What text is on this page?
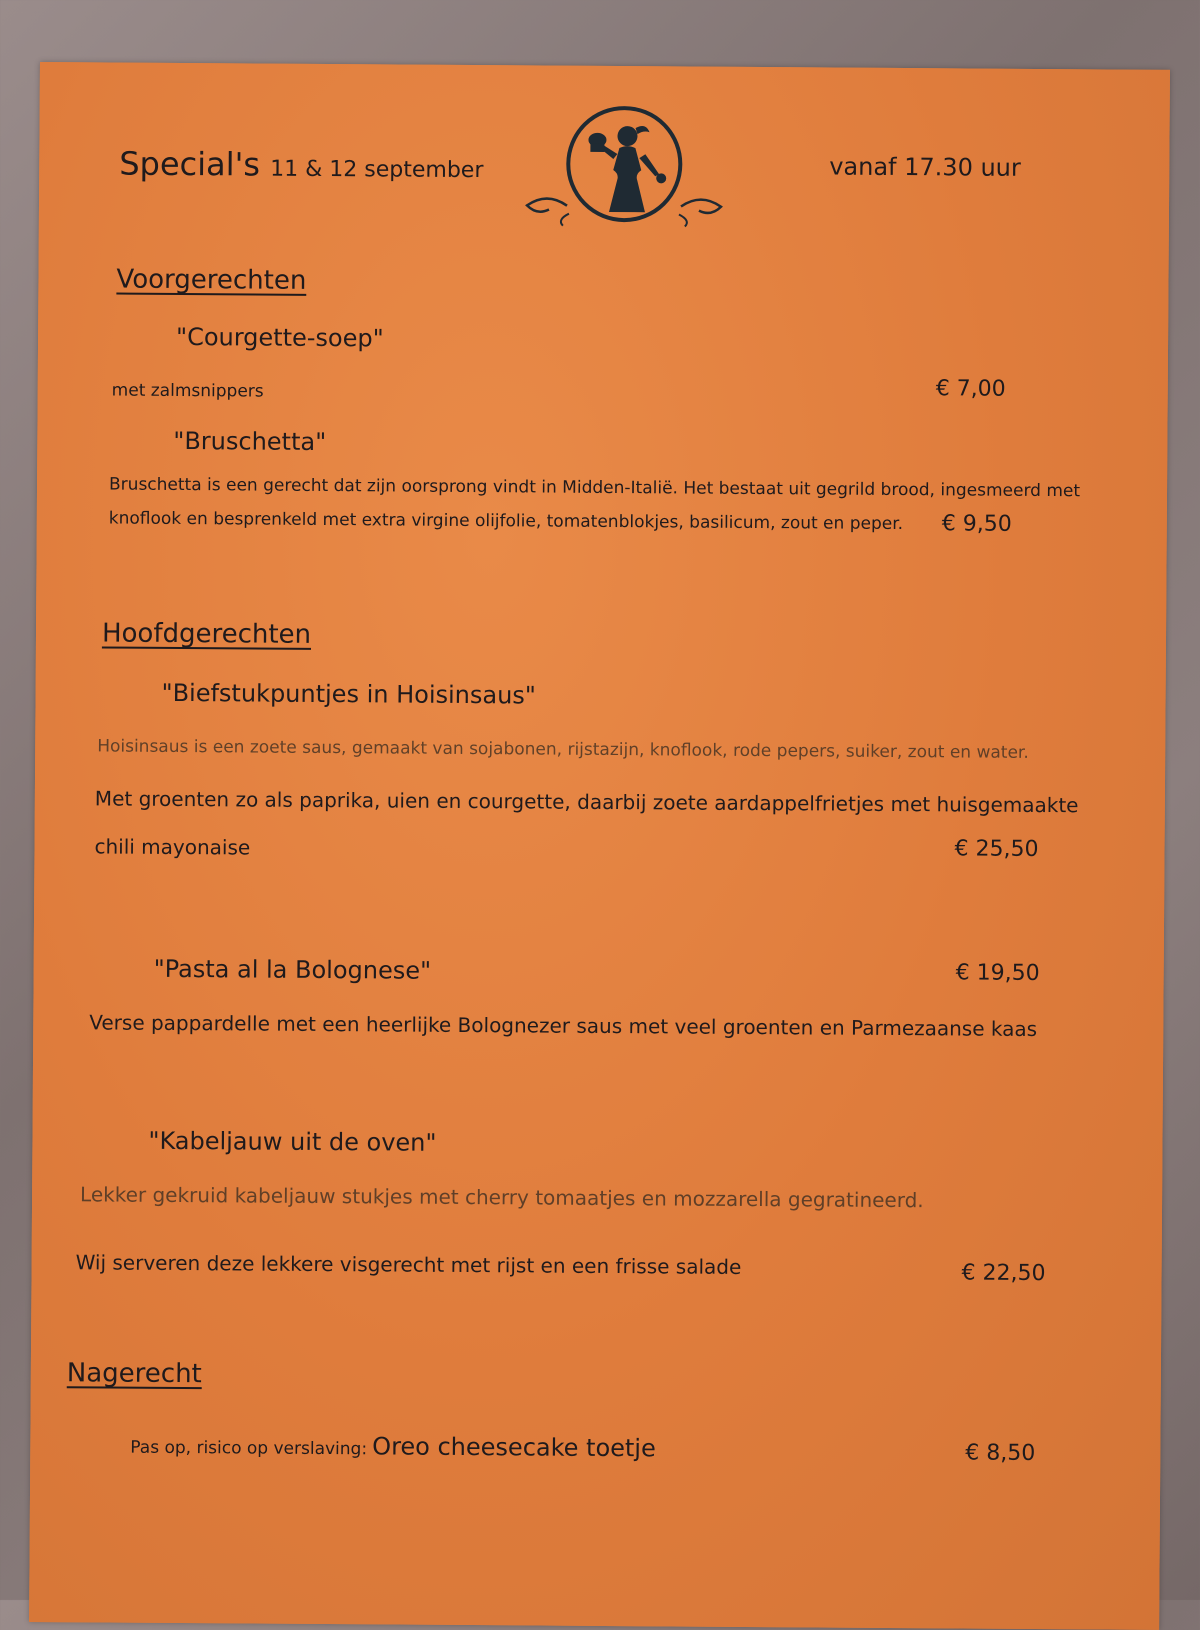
Special's 11 & 12 september	vanaf 17.30 uur
Voorgerechten
"Courgette-soep"
met zalmsnippers	€ 7,00
"Bruschetta"
Bruschetta is een gerecht dat zijn oorsprong vindt in Midden-Italië. Het bestaat uit gegrild brood, ingesmeerd met
knoflook en besprenkeld met extra virgine olijfolie, tomatenblokjes, basilicum, zout en peper. € 9,50
Hoofdgerechten
"Biefstukpuntjes in Hoisinsaus"
Hoisinsaus is een zoete saus, gemaakt van sojabonen, rijstazijn, knoflook, rode pepers, suiker, zout en water.
Met groenten zo als paprika, uien en courgette, daarbij zoete aardappelfrietjes met huisgemaakte
chili mayonaise	€ 25,50
"Pasta al la Bolognese"	€ 19,50
Verse pappardelle met een heerlijke Bolognezer saus met veel groenten en Parmezaanse kaas
"Kabeljauw uit de oven"
Lekker gekruid kabeljauw stukjes met cherry tomaatjes en mozzarella gegratineerd.
Wij serveren deze lekkere visgerecht met rijst en een frisse salade	€ 22,50
Nagerecht
Pas op, risico op verslaving: Oreo cheesecake toetje	€ 8,50
